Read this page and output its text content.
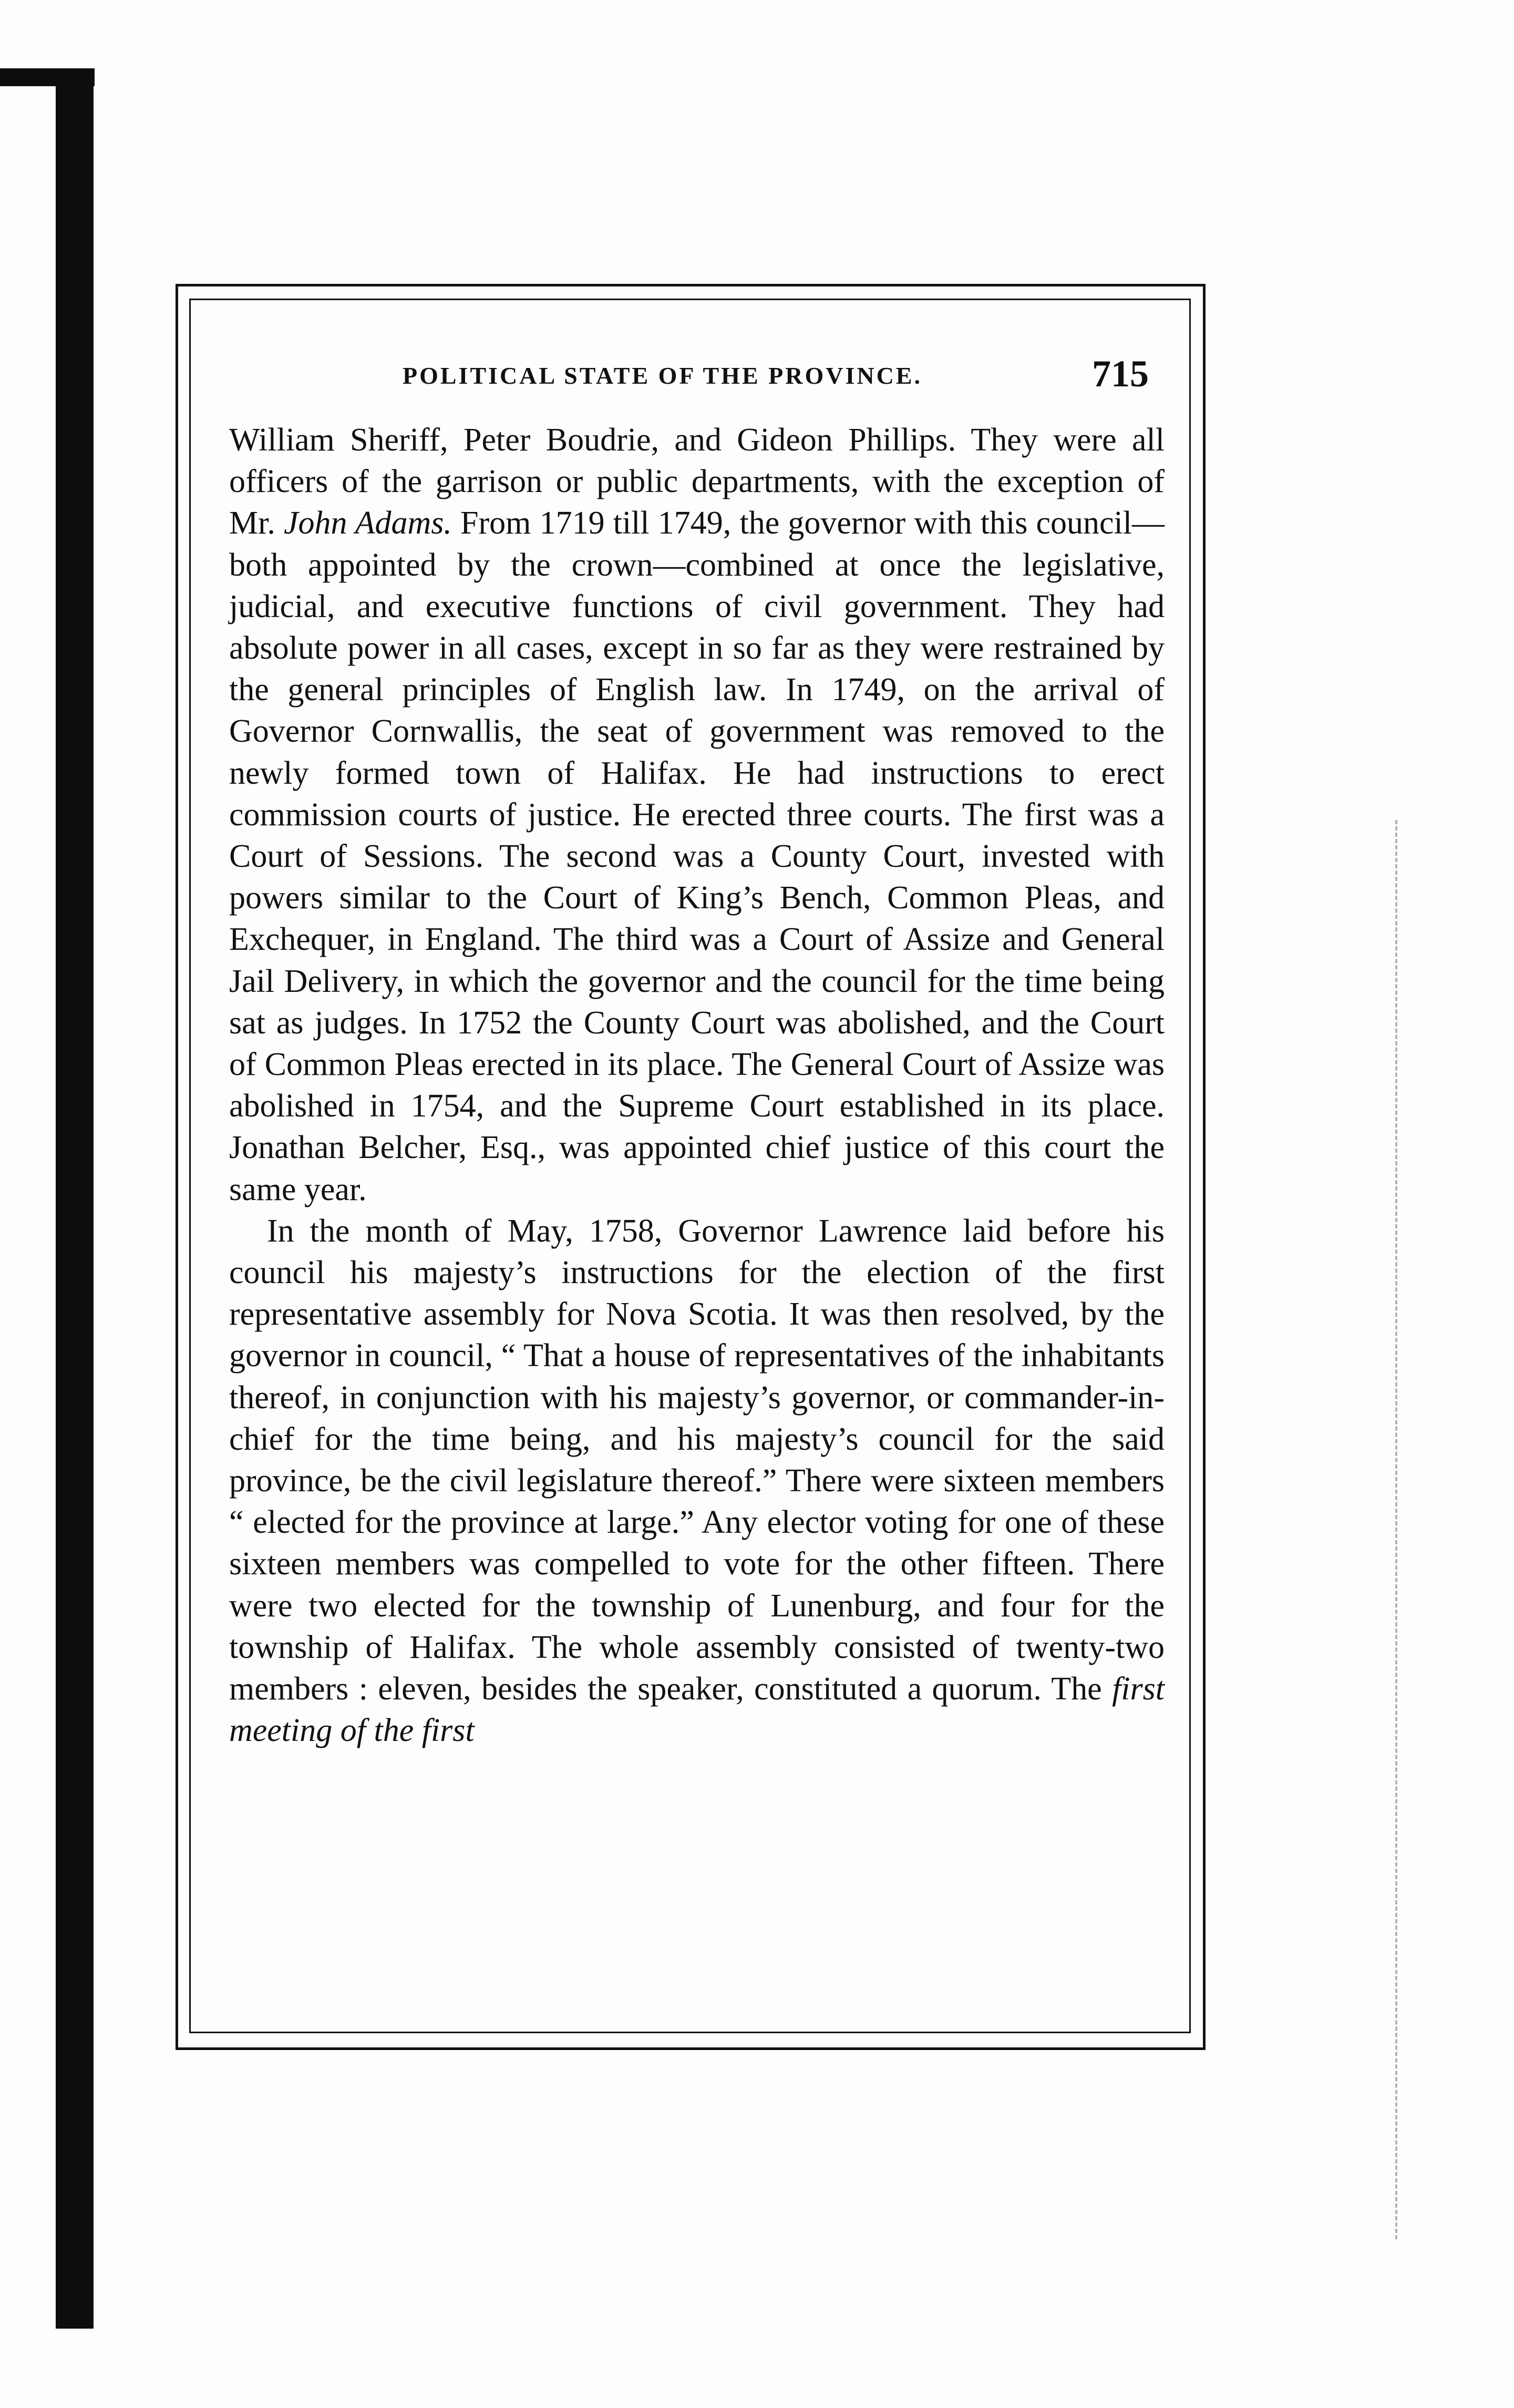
POLITICAL STATE OF THE PROVINCE.	715

William Sheriff, Peter Boudrie, and Gideon Phillips. They were all officers of the garrison or public departments, with the exception of Mr. John Adams. From 1719 till 1749, the governor with this council—both appointed by the crown—combined at once the legislative, judicial, and executive functions of civil government. They had absolute power in all cases, except in so far as they were restrained by the general principles of English law. In 1749, on the arrival of Governor Cornwallis, the seat of government was removed to the newly formed town of Halifax. He had instructions to erect commission courts of justice. He erected three courts. The first was a Court of Sessions. The second was a County Court, invested with powers similar to the Court of King’s Bench, Common Pleas, and Exchequer, in England. The third was a Court of Assize and General Jail Delivery, in which the governor and the council for the time being sat as judges. In 1752 the County Court was abolished, and the Court of Common Pleas erected in its place. The General Court of Assize was abolished in 1754, and the Supreme Court established in its place. Jonathan Belcher, Esq., was appointed chief justice of this court the same year.

In the month of May, 1758, Governor Lawrence laid before his council his majesty’s instructions for the election of the first representative assembly for Nova Scotia. It was then resolved, by the governor in council, “ That a house of representatives of the inhabitants thereof, in conjunction with his majesty’s governor, or commander-in-chief for the time being, and his majesty’s council for the said province, be the civil legislature thereof.” There were sixteen members “ elected for the province at large.” Any elector voting for one of these sixteen members was compelled to vote for the other fifteen. There were two elected for the township of Lunenburg, and four for the township of Halifax. The whole assembly consisted of twenty-two members : eleven, besides the speaker, constituted a quorum. The first meeting of the first
